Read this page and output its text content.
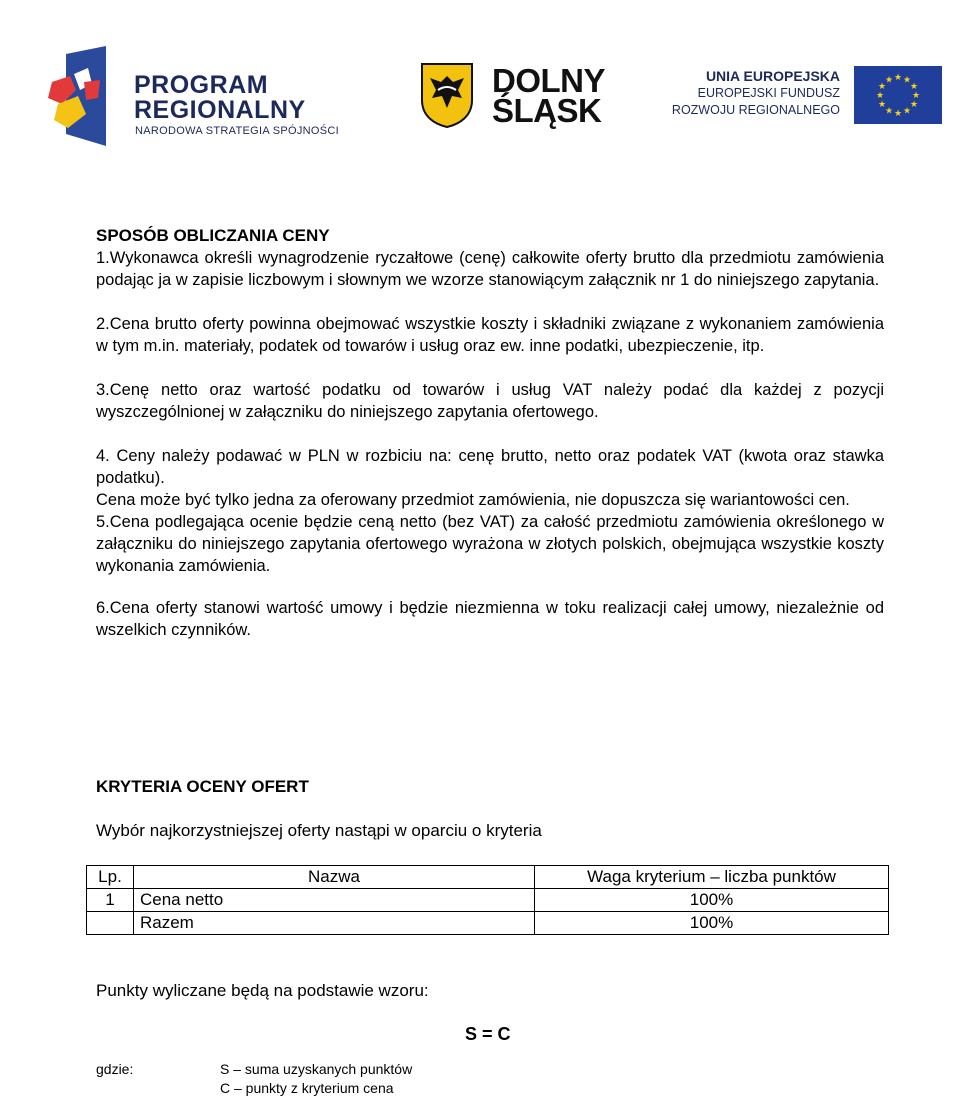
PROGRAM
REGIONALNY
NARODOWA STRATEGIA SPÓJNOŚCI
DOLNY
ŚLĄSK
UNIA EUROPEJSKA
EUROPEJSKI FUNDUSZ
ROZWOJU REGIONALNEGO
★ ★
★
★
★
★
★
★
★
★
★
★

SPOSÓB OBLICZANIA CENY

1.Wykonawca określi wynagrodzenie ryczałtowe (cenę) całkowite oferty brutto dla przedmiotu zamówienia podając ja w zapisie liczbowym i słownym we wzorze stanowiącym załącznik nr 1 do niniejszego zapytania.

2.Cena brutto oferty powinna obejmować wszystkie koszty i składniki związane z wykonaniem zamówienia w tym m.in. materiały, podatek od towarów i usług oraz ew. inne podatki, ubezpieczenie, itp.

3.Cenę netto oraz wartość podatku od towarów i usług VAT należy podać dla każdej z pozycji wyszczególnionej w załączniku do niniejszego zapytania ofertowego.

4. Ceny należy podawać w PLN w rozbiciu na: cenę brutto, netto oraz podatek VAT (kwota oraz stawka podatku).

Cena może być tylko jedna za oferowany przedmiot zamówienia, nie dopuszcza się wariantowości cen.

5.Cena podlegająca ocenie będzie ceną netto (bez VAT) za całość przedmiotu zamówienia określonego w załączniku do niniejszego zapytania ofertowego wyrażona w złotych polskich, obejmująca wszystkie koszty wykonania zamówienia.

6.Cena oferty stanowi wartość umowy i będzie niezmienna w toku realizacji całej umowy, niezależnie od wszelkich czynników.

KRYTERIA OCENY OFERT

Wybór najkorzystniejszej oferty nastąpi w oparciu o kryteria
Lp.	Nazwa	Waga kryterium – liczba punktów
1	Cena netto	100%
	Razem	100%
Punkty wyliczane będą na podstawie wzoru:
S = C
gdzie:	S – suma uzyskanych punktów
C – punkty z kryterium cena
